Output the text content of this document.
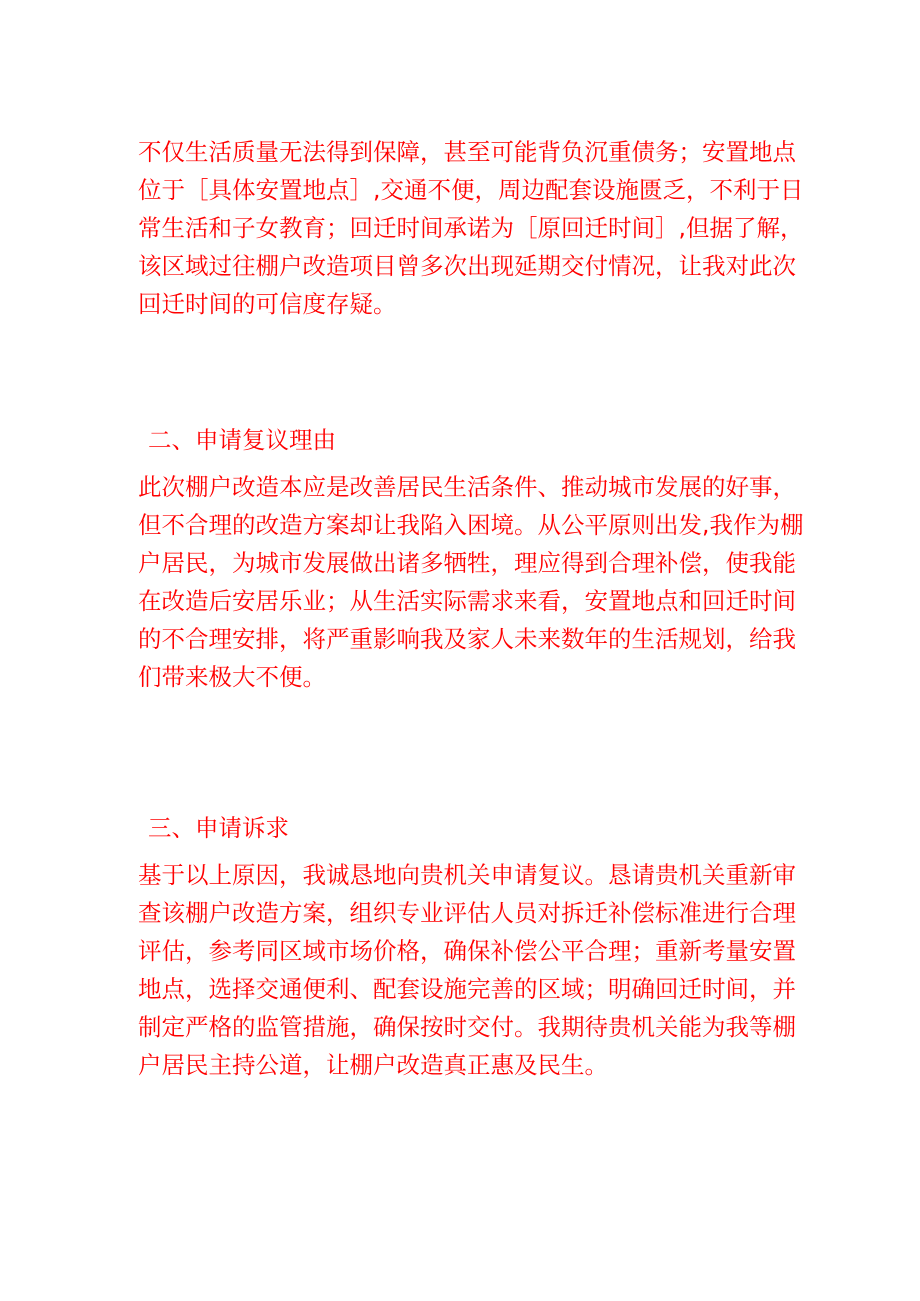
不仅生活质量无法得到保障，甚至可能背负沉重债务；安置地点
位于［具体安置地点］,交通不便，周边配套设施匮乏，不利于日
常生活和子女教育；回迁时间承诺为［原回迁时间］,但据了解，
该区域过往棚户改造项目曾多次出现延期交付情况，让我对此次
回迁时间的可信度存疑。
二、申请复议理由
此次棚户改造本应是改善居民生活条件、推动城市发展的好事，
但不合理的改造方案却让我陷入困境。从公平原则出发,我作为棚
户居民，为城市发展做出诸多牺牲，理应得到合理补偿，使我能
在改造后安居乐业；从生活实际需求来看，安置地点和回迁时间
的不合理安排，将严重影响我及家人未来数年的生活规划，给我
们带来极大不便。
三、申请诉求
基于以上原因，我诚恳地向贵机关申请复议。恳请贵机关重新审
查该棚户改造方案，组织专业评估人员对拆迁补偿标准进行合理
评估，参考同区域市场价格，确保补偿公平合理；重新考量安置
地点，选择交通便利、配套设施完善的区域；明确回迁时间，并
制定严格的监管措施，确保按时交付。我期待贵机关能为我等棚
户居民主持公道，让棚户改造真正惠及民生。
